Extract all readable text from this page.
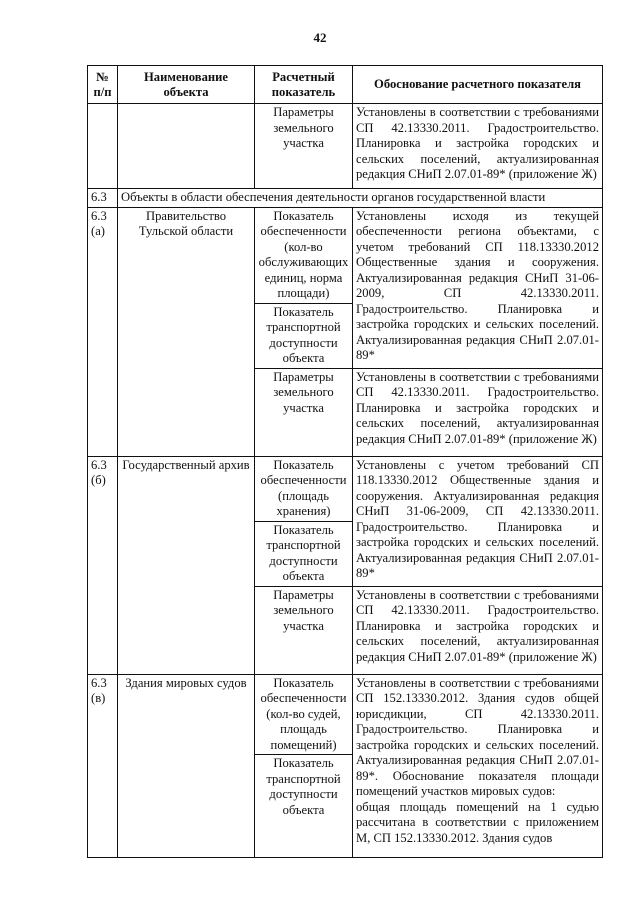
42
№ п/п	Наименование объекта	Расчетный показатель	Обоснование расчетного показателя
		Параметры земельного участка	Установлены в соответствии с требованиями СП 42.13330.2011. Градостроительство. Планировка и застройка городских и сельских поселений, актуализированная редакция СНиП 2.07.01-89* (приложение Ж)
6.3	Объекты в области обеспечения деятельности органов государственной власти		
6.3 (а)	Правительство Тульской области	Показатель обеспеченности (кол-во обслуживающих единиц, норма площади)	Установлены исходя из текущей обеспеченности региона объектами, с учетом требований СП 118.13330.2012 Общественные здания и сооружения. Актуализированная редакция СНиП 31-06-2009, СП 42.13330.2011. Градостроительство. Планировка и застройка городских и сельских поселений. Актуализированная редакция СНиП 2.07.01-89*
		Показатель транспортной доступности объекта	
		Параметры земельного участка	Установлены в соответствии с требованиями СП 42.13330.2011. Градостроительство. Планировка и застройка городских и сельских поселений, актуализированная редакция СНиП 2.07.01-89* (приложение Ж)
6.3 (б)	Государственный архив	Показатель обеспеченности (площадь хранения)	Установлены с учетом требований СП 118.13330.2012 Общественные здания и сооружения. Актуализированная редакция СНиП 31-06-2009, СП 42.13330.2011. Градостроительство. Планировка и застройка городских и сельских поселений. Актуализированная редакция СНиП 2.07.01-89*
		Показатель транспортной доступности объекта	
		Параметры земельного участка	Установлены в соответствии с требованиями СП 42.13330.2011. Градостроительство. Планировка и застройка городских и сельских поселений, актуализированная редакция СНиП 2.07.01-89* (приложение Ж)
6.3 (в)	Здания мировых судов	Показатель обеспеченности (кол-во судей, площадь помещений)	Установлены в соответствии с требованиями СП 152.13330.2012. Здания судов общей юрисдикции, СП 42.13330.2011. Градостроительство. Планировка и застройка городских и сельских поселений. Актуализированная редакция СНиП 2.07.01-89*. Обоснование показателя площади помещений участков мировых судов:
общая площадь помещений на 1 судью рассчитана в соответствии с приложением М, СП 152.13330.2012. Здания судов

		Показатель транспортной доступности объекта	
